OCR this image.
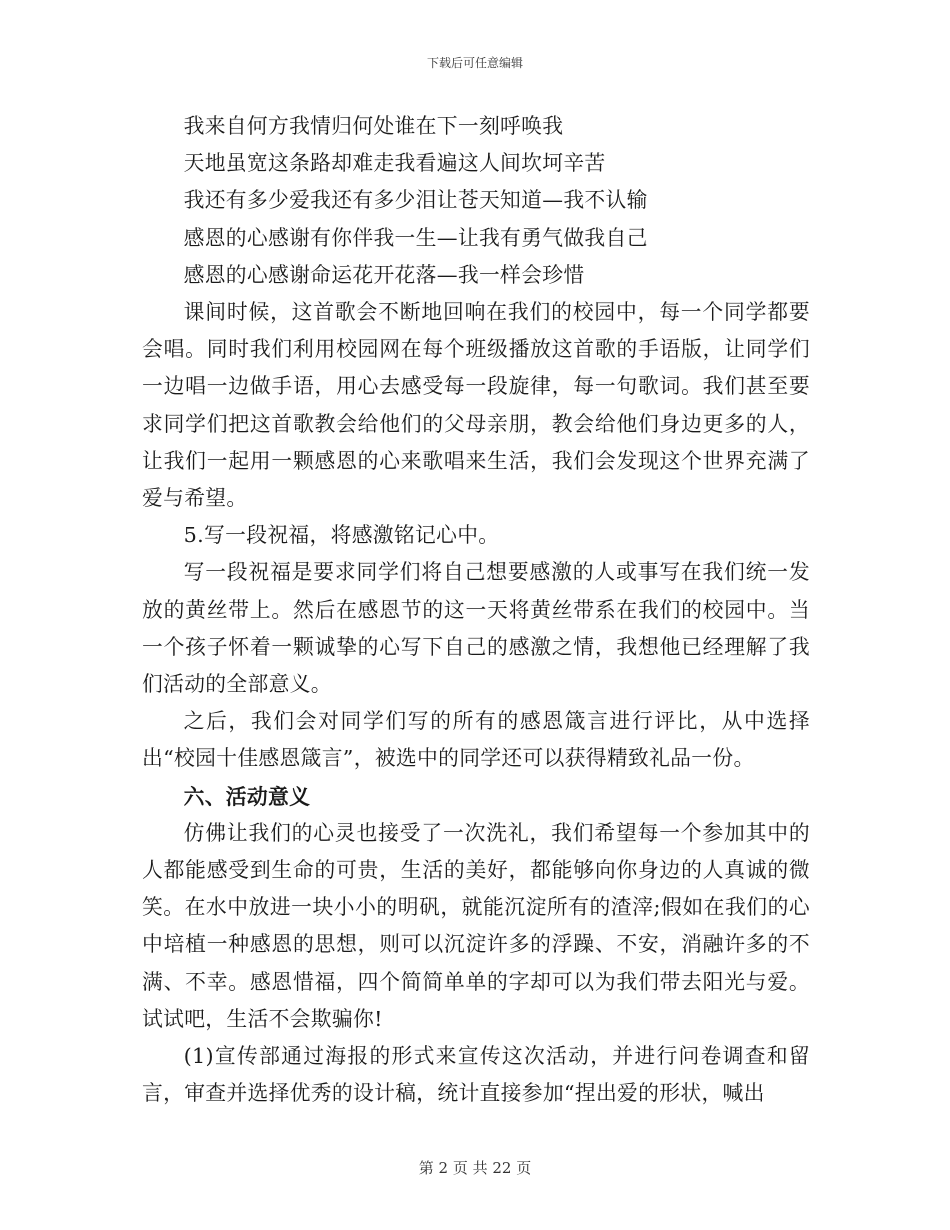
下载后可任意编辑

我来自何方我情归何处谁在下一刻呼唤我

天地虽宽这条路却难走我看遍这人间坎坷辛苦

我还有多少爱我还有多少泪让苍天知道—我不认输

感恩的心感谢有你伴我一生—让我有勇气做我自己

感恩的心感谢命运花开花落—我一样会珍惜

课间时候，这首歌会不断地回响在我们的校园中，每一个同学都要会唱。同时我们利用校园网在每个班级播放这首歌的手语版，让同学们一边唱一边做手语，用心去感受每一段旋律，每一句歌词。我们甚至要求同学们把这首歌教会给他们的父母亲朋，教会给他们身边更多的人，让我们一起用一颗感恩的心来歌唱来生活，我们会发现这个世界充满了爱与希望。

5.写一段祝福，将感激铭记心中。

写一段祝福是要求同学们将自己想要感激的人或事写在我们统一发放的黄丝带上。然后在感恩节的这一天将黄丝带系在我们的校园中。当一个孩子怀着一颗诚挚的心写下自己的感激之情，我想他已经理解了我们活动的全部意义。

之后，我们会对同学们写的所有的感恩箴言进行评比，从中选择出“校园十佳感恩箴言”，被选中的同学还可以获得精致礼品一份。

六、活动意义

仿佛让我们的心灵也接受了一次洗礼，我们希望每一个参加其中的人都能感受到生命的可贵，生活的美好，都能够向你身边的人真诚的微笑。在水中放进一块小小的明矾，就能沉淀所有的渣滓;假如在我们的心中培植一种感恩的思想，则可以沉淀许多的浮躁、不安，消融许多的不满、不幸。感恩惜福，四个简简单单的字却可以为我们带去阳光与爱。试试吧，生活不会欺骗你!

(1)宣传部通过海报的形式来宣传这次活动，并进行问卷调查和留言，审查并选择优秀的设计稿，统计直接参加“捏出爱的形状，喊出

第 2 页 共 22 页
